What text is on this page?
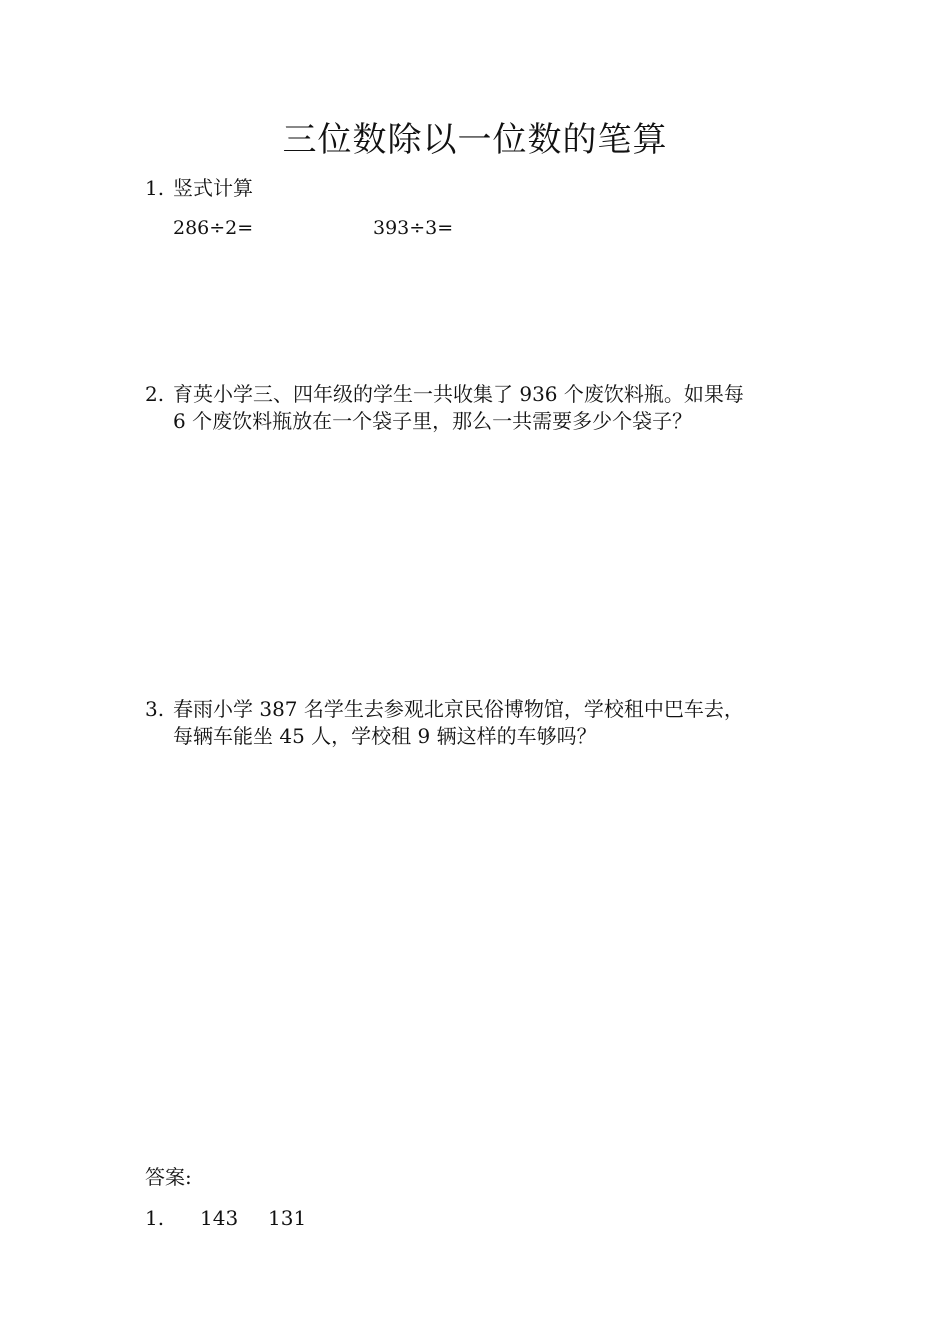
三位数除以一位数的笔算
1. 竖式计算
286÷2=	393÷3=
2. 育英小学三、四年级的学生一共收集了 936 个废饮料瓶。如果每
6 个废饮料瓶放在一个袋子里，那么一共需要多少个袋子？
3. 春雨小学 387 名学生去参观北京民俗博物馆，学校租中巴车去，
每辆车能坐 45 人，学校租 9 辆这样的车够吗？
答案:
1. 143 131
